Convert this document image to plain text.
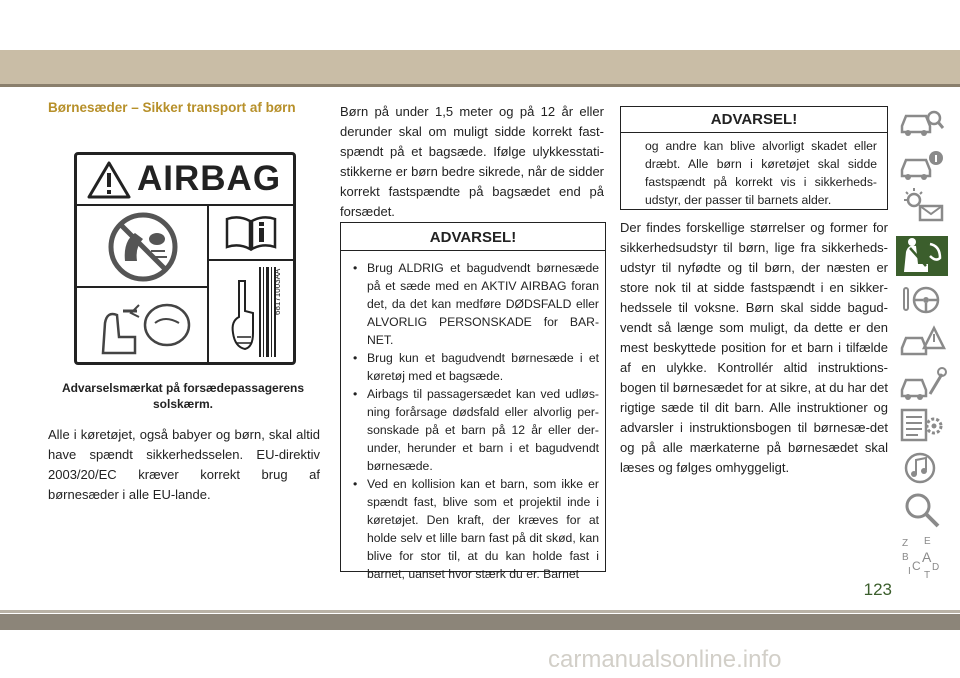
Børnesæder – Sikker transport af børn
AIRBAG
68171003AA
Advarselsmærkat på forsædepassagerens solskærm.
Alle i køretøjet, også babyer og børn, skal altid have spændt sikkerhedsselen. EU-direktiv 2003/20/EC kræver korrekt brug af børnesæder i alle EU-lande.
Børn på under 1,5 meter og på 12 år eller derunder skal om muligt sidde korrekt fast-spændt på et bagsæde. Ifølge ulykkesstati-stikkerne er børn bedre sikrede, når de sidder korrekt fastspændte på bagsædet end på forsædet.
ADVARSEL!
• Brug ALDRIG et bagudvendt børnesæde på et sæde med en AKTIV AIRBAG foran det, da det kan medføre DØDSFALD eller ALVORLIG PERSONSKADE for BAR-NET.
• Brug kun et bagudvendt børnesæde i et køretøj med et bagsæde.
• Airbags til passagersædet kan ved udløs-ning forårsage dødsfald eller alvorlig per-sonskade på et barn på 12 år eller der-under, herunder et barn i et bagudvendt børnesæde.
• Ved en kollision kan et barn, som ikke er spændt fast, blive som et projektil inde i køretøjet. Den kraft, der kræves for at holde selv et lille barn fast på dit skød, kan blive for stor til, at du kan holde fast i barnet, uanset hvor stærk du er. Barnet
ADVARSEL!
og andre kan blive alvorligt skadet eller dræbt. Alle børn i køretøjet skal sidde fastspændt på korrekt vis i sikkerheds-udstyr, der passer til barnets alder.
Der findes forskellige størrelser og former for sikkerhedsudstyr til børn, lige fra sikkerheds-udstyr til nyfødte og til børn, der næsten er store nok til at sidde fastspændt i en sikker-hedssele til voksne. Børn skal sidde bagud-vendt så længe som muligt, da dette er den mest beskyttede position for et barn i tilfælde af en ulykke. Kontrollér altid instruktions-bogen til børnesædet for at sikre, at du har det rigtige sæde til dit barn. Alle instruktioner og advarsler i instruktionsbogen til børnesæ-det og på alle mærkaterne på børnesædet skal læses og følges omhyggeligt.
Z E
B A
D
I C
T
123
carmanualsonline.info
